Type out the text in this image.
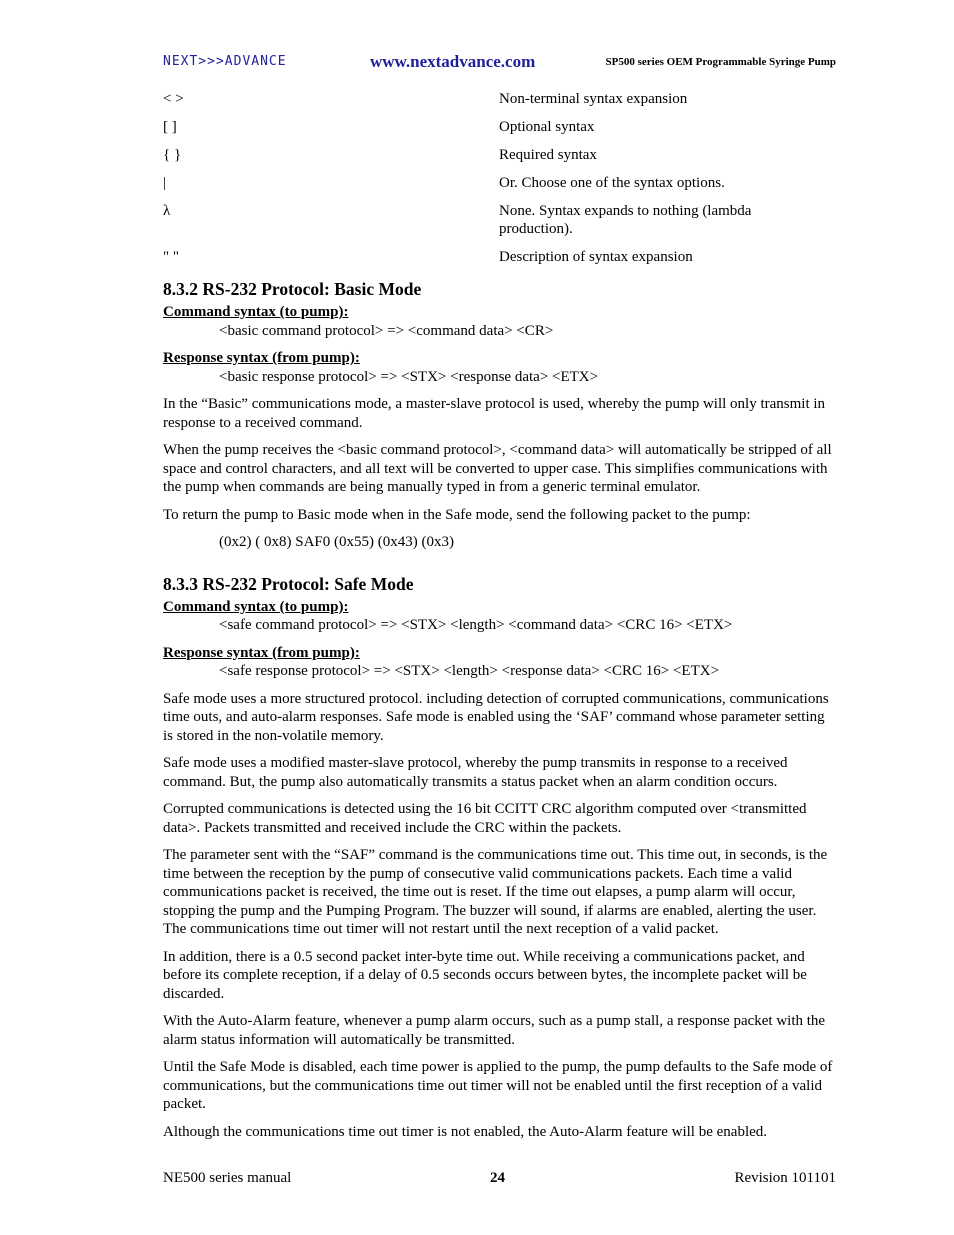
NEXT>>>ADVANCE	www.nextadvance.com	SP500 series OEM Programmable Syringe Pump
< >	Non-terminal syntax expansion
[ ]	Optional syntax
{ }	Required syntax
|	Or. Choose one of the syntax options.
λ	None. Syntax expands to nothing (lambda production).
" "	Description of syntax expansion
8.3.2 RS-232 Protocol: Basic Mode

Command syntax (to pump):

<basic command protocol> => <command data> <CR>

Response syntax (from pump):

<basic response protocol> => <STX> <response data> <ETX>

In the “Basic” communications mode, a master-slave protocol is used, whereby the pump will only transmit in response to a received command.

When the pump receives the <basic command protocol>, <command data> will automatically be stripped of all space and control characters, and all text will be converted to upper case. This simplifies communications with the pump when commands are being manually typed in from a generic terminal emulator.

To return the pump to Basic mode when in the Safe mode, send the following packet to the pump:

(0x2) ( 0x8) SAF0 (0x55) (0x43) (0x3)

8.3.3 RS-232 Protocol: Safe Mode

Command syntax (to pump):

<safe command protocol> => <STX> <length> <command data> <CRC 16> <ETX>

Response syntax (from pump):

<safe response protocol> => <STX> <length> <response data> <CRC 16> <ETX>

Safe mode uses a more structured protocol. including detection of corrupted communications, communications time outs, and auto-alarm responses. Safe mode is enabled using the ‘SAF’ command whose parameter setting is stored in the non-volatile memory.

Safe mode uses a modified master-slave protocol, whereby the pump transmits in response to a received command. But, the pump also automatically transmits a status packet when an alarm condition occurs.

Corrupted communications is detected using the 16 bit CCITT CRC algorithm computed over <transmitted data>. Packets transmitted and received include the CRC within the packets.

The parameter sent with the “SAF” command is the communications time out. This time out, in seconds, is the time between the reception by the pump of consecutive valid communications packets. Each time a valid communications packet is received, the time out is reset. If the time out elapses, a pump alarm will occur, stopping the pump and the Pumping Program. The buzzer will sound, if alarms are enabled, alerting the user. The communications time out timer will not restart until the next reception of a valid packet.

In addition, there is a 0.5 second packet inter-byte time out. While receiving a communications packet, and before its complete reception, if a delay of 0.5 seconds occurs between bytes, the incomplete packet will be discarded.

With the Auto-Alarm feature, whenever a pump alarm occurs, such as a pump stall, a response packet with the alarm status information will automatically be transmitted.

Until the Safe Mode is disabled, each time power is applied to the pump, the pump defaults to the Safe mode of communications, but the communications time out timer will not be enabled until the first reception of a valid packet.

Although the communications time out timer is not enabled, the Auto-Alarm feature will be enabled.

NE500 series manual	24	Revision 101101
